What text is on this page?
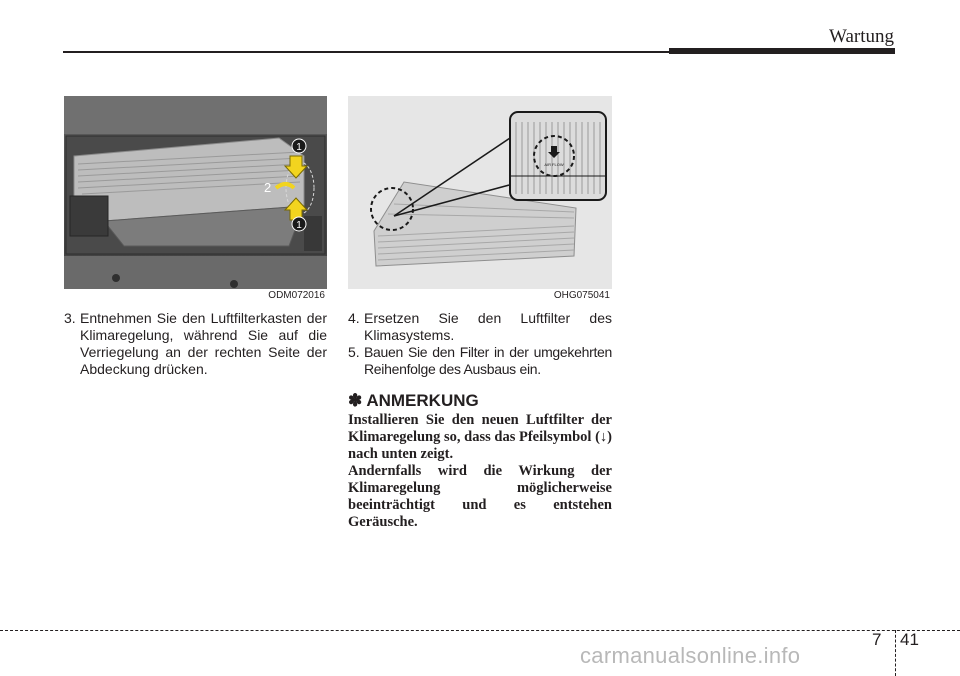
Wartung
1
2
1
ODM072016
AIR FLOW
OHG075041
3. Entnehmen Sie den Luftfilterkasten der Klimaregelung, während Sie auf die Verriegelung an der rechten Seite der Abdeckung drücken.
4. Ersetzen Sie den Luftfilter des Klimasystems.
5. Bauen Sie den Filter in der umgekehrten Reihenfolge des Ausbaus ein.
✽ ANMERKUNG

Installieren Sie den neuen Luftfilter der Klimaregelung so, dass das Pfeilsymbol (↓) nach unten zeigt.

Andernfalls wird die Wirkung der Klimaregelung möglicherweise beeinträchtigt und es entstehen Geräusche.

7 41
carmanualsonline.info
